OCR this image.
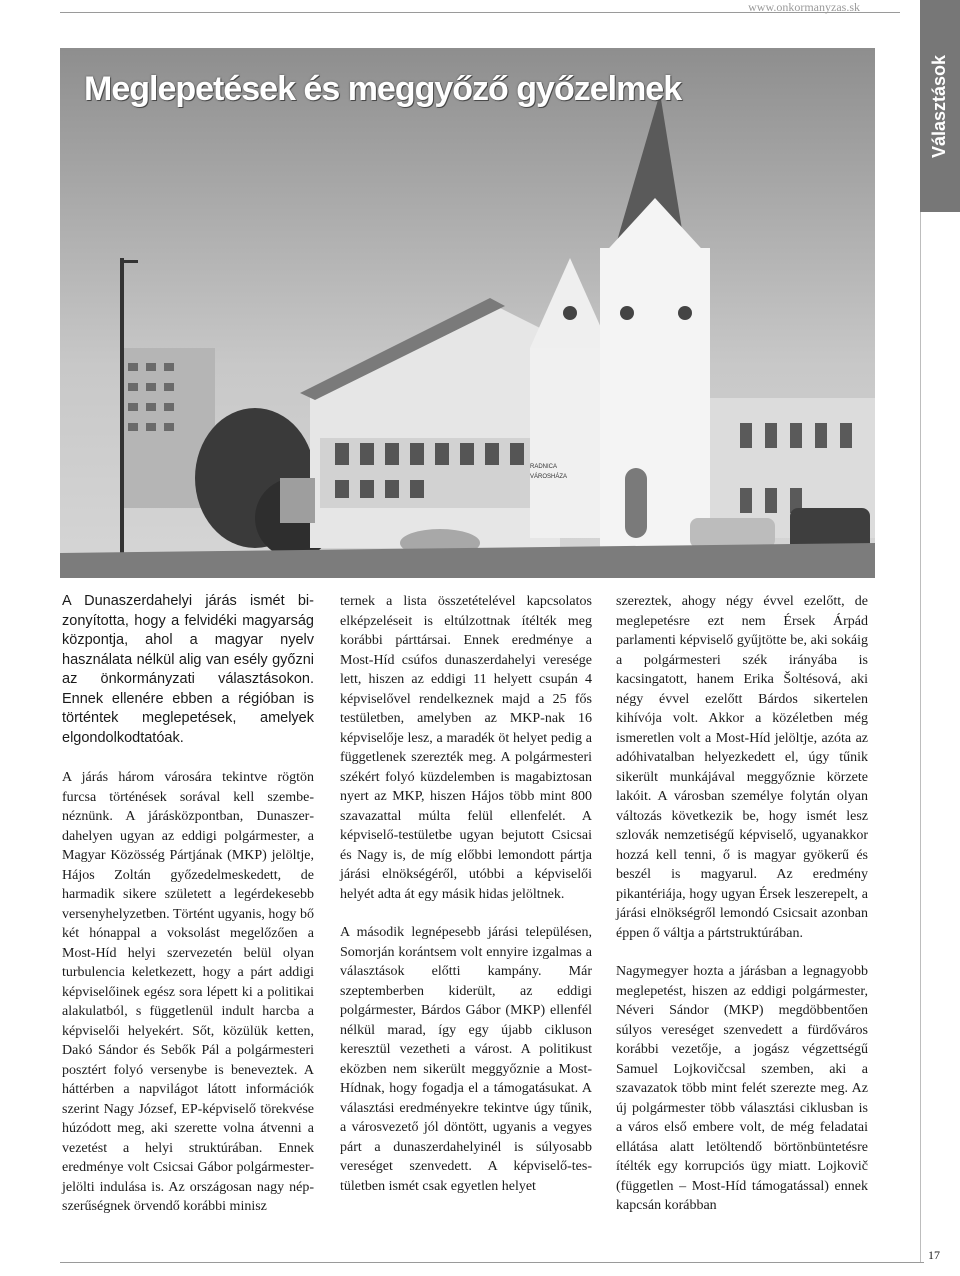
www.onkormanyzas.sk
Választások
RADNICA
VÁROSHÁZA
Meglepetések és meggyőző győzelmek

A Dunaszerdahelyi járás ismét bizonyította, hogy a felvidéki magyarság központja, ahol a magyar nyelv használata nélkül alig van esély győzni az önkormányzati választásokon. Ennek ellenére ebben a régióban is történtek meglepetések, amelyek elgondolkodtatóak.

A járás három városára tekintve rögtön furcsa történések sorával kell szembenéznünk. A járásközpontban, Dunaszerdahelyen ugyan az eddigi polgármester, a Magyar Közösség Pártjának (MKP) jelöltje, Hájos Zoltán győzedelmeskedett, de harmadik sikere született a legérdekesebb versenyhelyzetben. Történt ugyanis, hogy bő két hónappal a voksolást megelőzően a Most-Híd helyi szervezetén belül olyan turbulencia keletkezett, hogy a párt addigi képviselőinek egész sora lépett ki a politikai alakulatból, s függetlenül indult harcba a képviselői helyekért. Sőt, közülük ketten, Dakó Sándor és Sebők Pál a polgármesteri posztért folyó versenybe is beneveztek. A háttérben a napvilágot látott információk szerint Nagy József, EP-képviselő törekvése húzódott meg, aki szerette volna átvenni a vezetést a helyi struktúrában. Ennek eredménye volt Csicsai Gábor polgármester-jelölti indulása is. Az országosan nagy népszerűségnek örvendő korábbi minisz

ternek a lista összetételével kapcsolatos elképzeléseit is eltúlzottnak ítélték meg korábbi párttársai. Ennek eredménye a Most-Híd csúfos dunaszerdahelyi veresége lett, hiszen az eddigi 11 helyett csupán 4 képviselővel rendelkeznek majd a 25 fős testületben, amelyben az MKP-nak 16 képviselője lesz, a maradék öt helyet pedig a függetlenek szerezték meg. A polgármesteri székért folyó küzdelemben is magabiztosan nyert az MKP, hiszen Hájos több mint 800 szavazattal múlta felül ellenfelét. A képviselő-testületbe ugyan bejutott Csicsai és Nagy is, de míg előbbi lemondott pártja járási elnökségéről, utóbbi a képviselői helyét adta át egy másik hidas jelöltnek.

A második legnépesebb járási településen, Somorján korántsem volt ennyire izgalmas a választások előtti kampány. Már szeptemberben kiderült, az eddigi polgármester, Bárdos Gábor (MKP) ellenfél nélkül marad, így egy újabb cikluson keresztül vezetheti a várost. A politikust eközben nem sikerült meggyőznie a Most-Hídnak, hogy fogadja el a támogatásukat. A választási eredményekre tekintve úgy tűnik, a városvezető jól döntött, ugyanis a vegyes párt a dunaszerdahelyinél is súlyosabb vereséget szenvedett. A képviselő-testületben ismét csak egyetlen helyet

szereztek, ahogy négy évvel ezelőtt, de meglepetésre ezt nem Érsek Árpád parlamenti képviselő gyűjtötte be, aki sokáig a polgármesteri szék irányába is kacsingatott, hanem Erika Šoltésová, aki négy évvel ezelőtt Bárdos sikertelen kihívója volt. Akkor a közéletben még ismeretlen volt a Most-Híd jelöltje, azóta az adóhivatalban helyezkedett el, úgy tűnik sikerült munkájával meggyőznie körzete lakóit. A városban személye folytán olyan változás következik be, hogy ismét lesz szlovák nemzetiségű képviselő, ugyanakkor hozzá kell tenni, ő is magyar gyökerű és beszél is magyarul. Az eredmény pikantériája, hogy ugyan Érsek leszerepelt, a járási elnökségről lemondó Csicsait azonban éppen ő váltja a pártstruktúrában.

Nagymegyer hozta a járásban a legnagyobb meglepetést, hiszen az eddigi polgármester, Néveri Sándor (MKP) megdöbbentően súlyos vereséget szenvedett a fürdőváros korábbi vezetője, a jogász végzettségű Samuel Lojkovičcsal szemben, aki a szavazatok több mint felét szerezte meg. Az új polgármester több választási ciklusban is a város első embere volt, de még feladatai ellátása alatt letöltendő börtönbüntetésre ítélték egy korrupciós ügy miatt. Lojkovič (független – Most-Híd támogatással) ennek kapcsán korábban

17
